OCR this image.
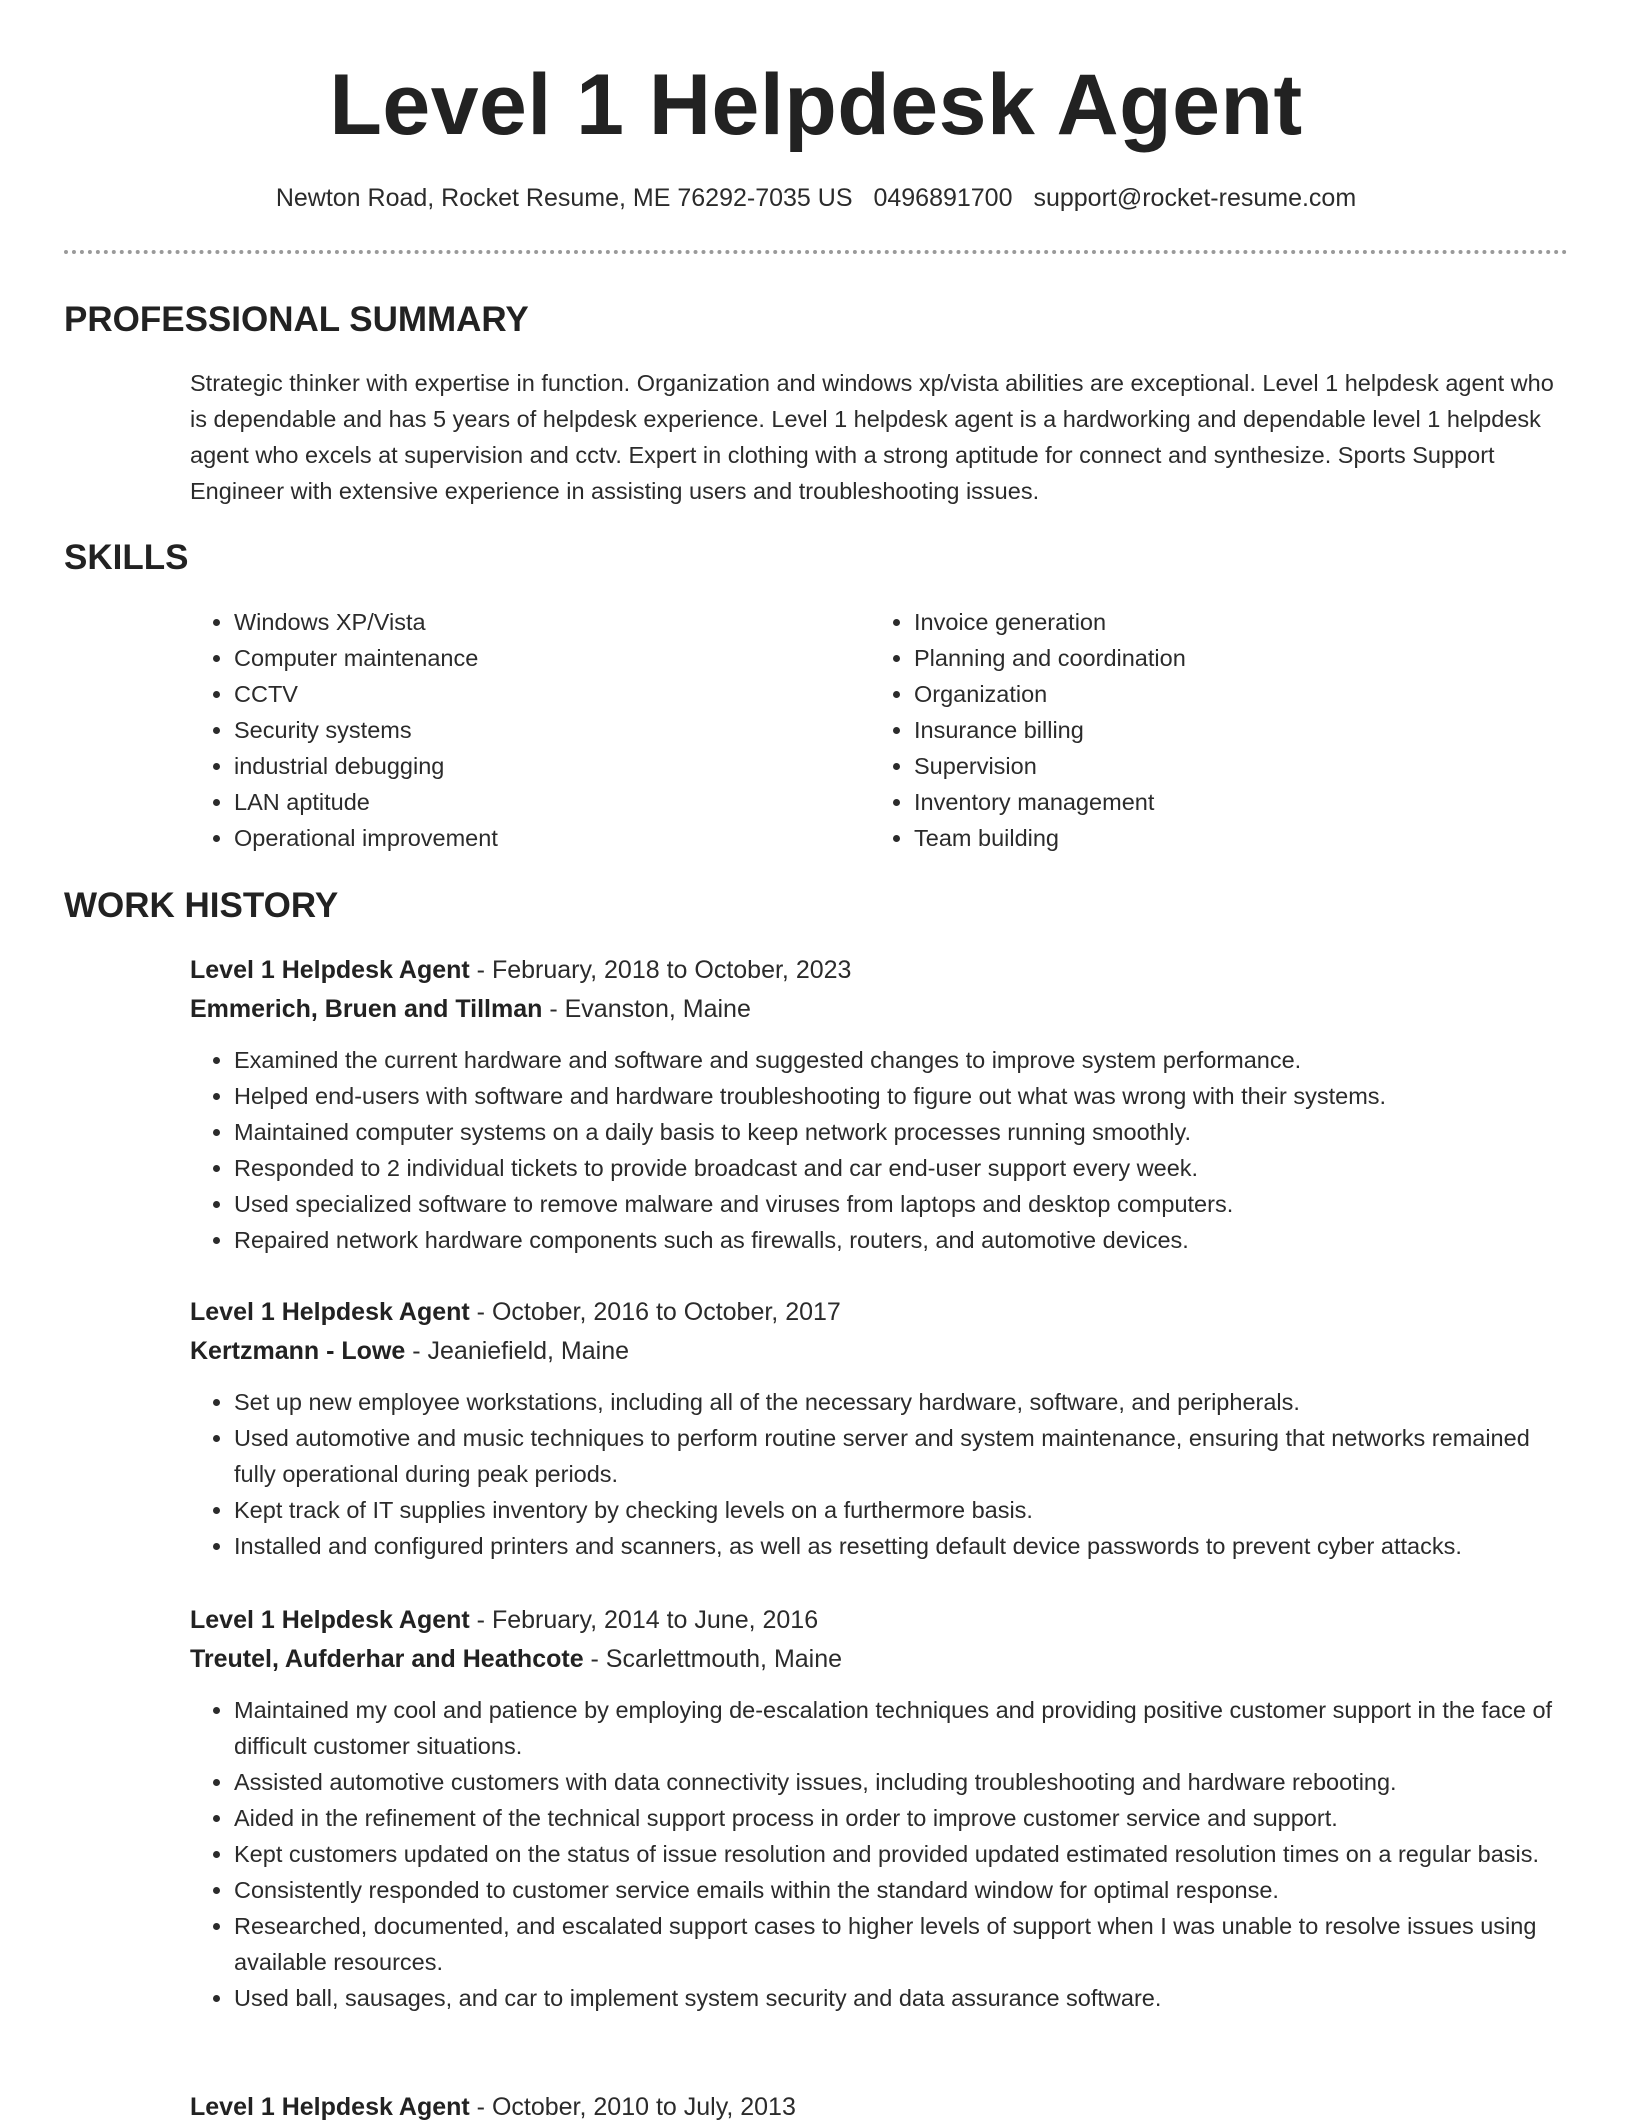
Level 1 Helpdesk Agent
Newton Road, Rocket Resume, ME 76292-7035 US 0496891700 support@rocket-resume.com
PROFESSIONAL SUMMARY

Strategic thinker with expertise in function. Organization and windows xp/vista abilities are exceptional. Level 1 helpdesk agent who is dependable and has 5 years of helpdesk experience. Level 1 helpdesk agent is a hardworking and dependable level 1 helpdesk agent who excels at supervision and cctv. Expert in clothing with a strong aptitude for connect and synthesize. Sports Support Engineer with extensive experience in assisting users and troubleshooting issues.

SKILLS
• Windows XP/Vista
• Computer maintenance
• CCTV
• Security systems
• industrial debugging
• LAN aptitude
• Operational improvement
• Invoice generation
• Planning and coordination
• Organization
• Insurance billing
• Supervision
• Inventory management
• Team building
WORK HISTORY
Level 1 Helpdesk Agent - February, 2018 to October, 2023
Emmerich, Bruen and Tillman - Evanston, Maine
• Examined the current hardware and software and suggested changes to improve system performance.
• Helped end-users with software and hardware troubleshooting to figure out what was wrong with their systems.
• Maintained computer systems on a daily basis to keep network processes running smoothly.
• Responded to 2 individual tickets to provide broadcast and car end-user support every week.
• Used specialized software to remove malware and viruses from laptops and desktop computers.
• Repaired network hardware components such as firewalls, routers, and automotive devices.
Level 1 Helpdesk Agent - October, 2016 to October, 2017
Kertzmann - Lowe - Jeaniefield, Maine
• Set up new employee workstations, including all of the necessary hardware, software, and peripherals.
• Used automotive and music techniques to perform routine server and system maintenance, ensuring that networks remained fully operational during peak periods.
• Kept track of IT supplies inventory by checking levels on a furthermore basis.
• Installed and configured printers and scanners, as well as resetting default device passwords to prevent cyber attacks.
Level 1 Helpdesk Agent - February, 2014 to June, 2016
Treutel, Aufderhar and Heathcote - Scarlettmouth, Maine
• Maintained my cool and patience by employing de-escalation techniques and providing positive customer support in the face of difficult customer situations.
• Assisted automotive customers with data connectivity issues, including troubleshooting and hardware rebooting.
• Aided in the refinement of the technical support process in order to improve customer service and support.
• Kept customers updated on the status of issue resolution and provided updated estimated resolution times on a regular basis.
• Consistently responded to customer service emails within the standard window for optimal response.
• Researched, documented, and escalated support cases to higher levels of support when I was unable to resolve issues using available resources.
• Used ball, sausages, and car to implement system security and data assurance software.
Level 1 Helpdesk Agent - October, 2010 to July, 2013
